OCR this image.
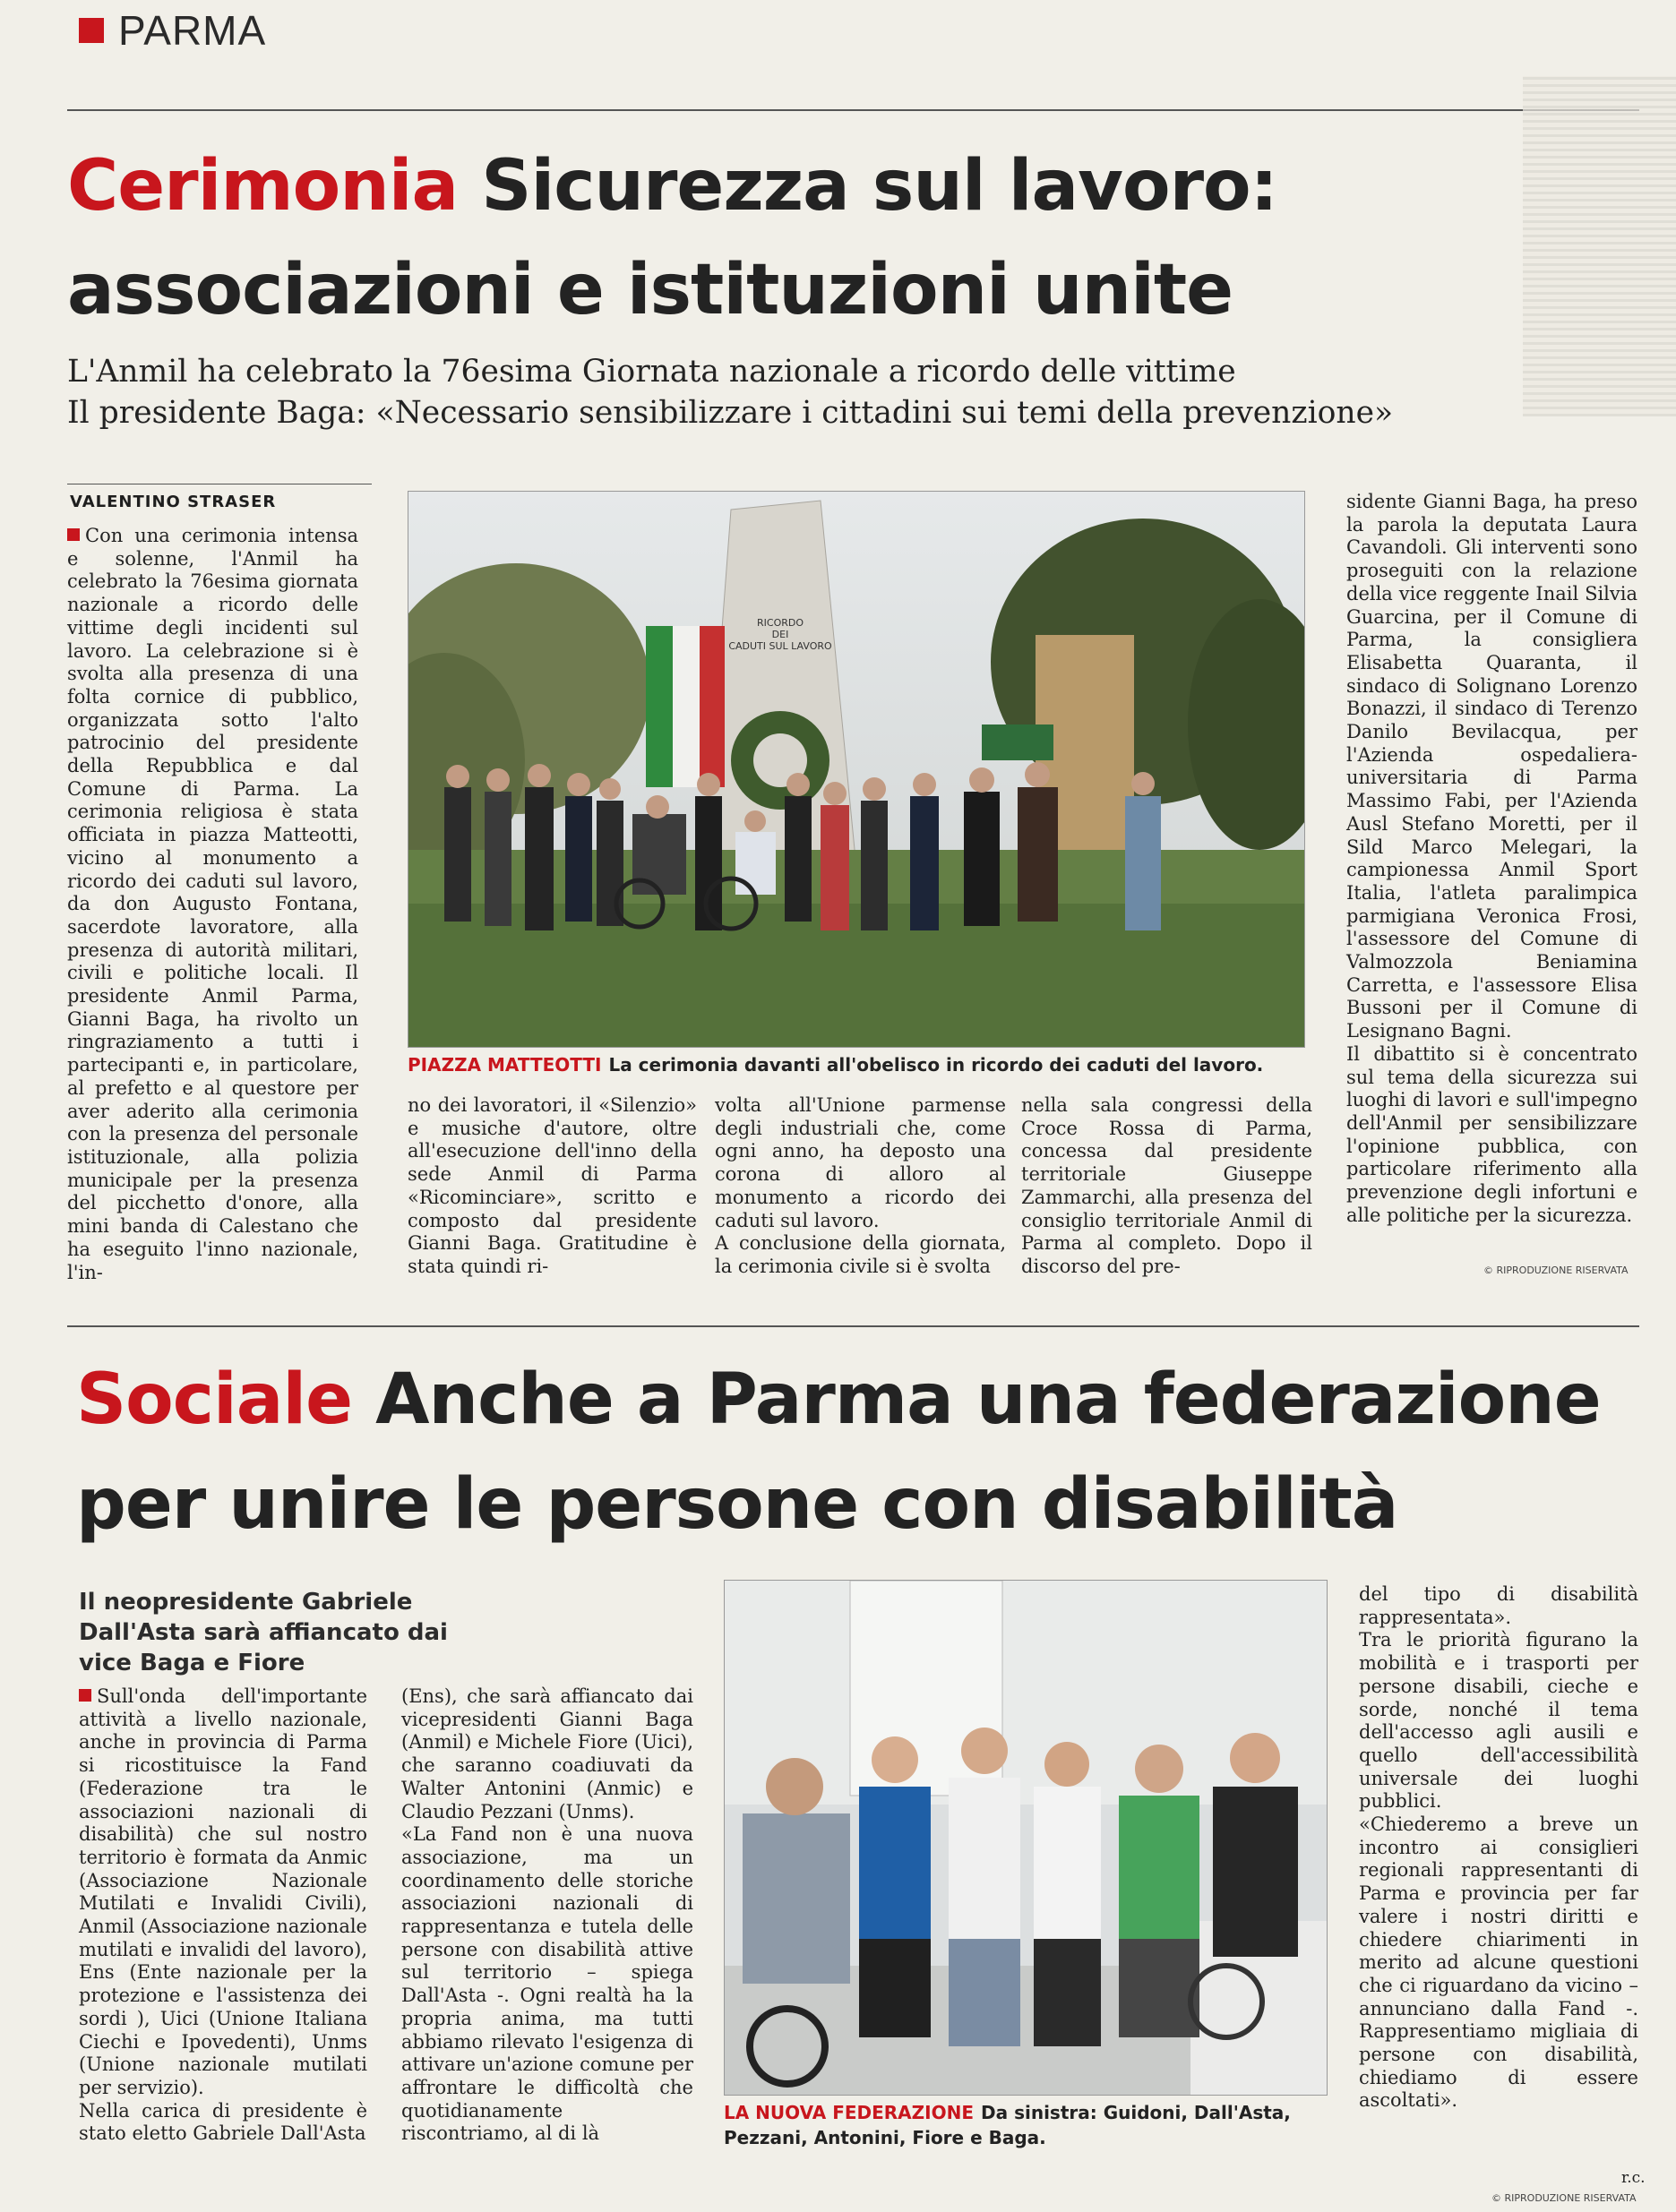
PARMA
Cerimonia Sicurezza sul lavoro:
associazioni e istituzioni unite
L'Anmil ha celebrato la 76esima Giornata nazionale a ricordo delle vittime
Il presidente Baga: «Necessario sensibilizzare i cittadini sui temi della prevenzione»
VALENTINO STRASER
Con una cerimonia intensa e solenne, l'Anmil ha celebrato la 76esima giornata nazionale a ricordo delle vittime degli incidenti sul lavoro. La celebrazione si è svolta alla presenza di una folta cornice di pubblico, organizzata sotto l'alto patrocinio del presidente della Repubblica e dal Comune di Parma. La cerimonia religiosa è stata officiata in piazza Matteotti, vicino al monumento a ricordo dei caduti sul lavoro, da don Augusto Fontana, sacerdote lavoratore, alla presenza di autorità militari, civili e politiche locali. Il presidente Anmil Parma, Gianni Baga, ha rivolto un ringraziamento a tutti i partecipanti e, in particolare, al prefetto e al questore per aver aderito alla cerimonia con la presenza del personale istituzionale, alla polizia municipale per la presenza del picchetto d'onore, alla mini banda di Calestano che ha eseguito l'inno nazionale, l'in-
RICORDO DEI CADUTI SUL LAVORO
PIAZZA MATTEOTTI La cerimonia davanti all'obelisco in ricordo dei caduti del lavoro.
no dei lavoratori, il «Silenzio» e musiche d'autore, oltre all'esecuzione dell'inno della sede Anmil di Parma «Ricominciare», scritto e composto dal presidente Gianni Baga. Gratitudine è stata quindi ri-
volta all'Unione parmense degli industriali che, come ogni anno, ha deposto una corona di alloro al monumento a ricordo dei caduti sul lavoro.
A conclusione della giornata, la cerimonia civile si è svolta
nella sala congressi della Croce Rossa di Parma, concessa dal presidente territoriale Giuseppe Zammarchi, alla presenza del consiglio territoriale Anmil di Parma al completo. Dopo il discorso del pre-
sidente Gianni Baga, ha preso la parola la deputata Laura Cavandoli. Gli interventi sono proseguiti con la relazione della vice reggente Inail Silvia Guarcina, per il Comune di Parma, la consigliera Elisabetta Quaranta, il sindaco di Solignano Lorenzo Bonazzi, il sindaco di Terenzo Danilo Bevilacqua, per l'Azienda ospedaliera-universitaria di Parma Massimo Fabi, per l'Azienda Ausl Stefano Moretti, per il Sild Marco Melegari, la campionessa Anmil Sport Italia, l'atleta paralimpica parmigiana Veronica Frosi, l'assessore del Comune di Valmozzola Beniamina Carretta, e l'assessore Elisa Bussoni per il Comune di Lesignano Bagni.
Il dibattito si è concentrato sul tema della sicurezza sui luoghi di lavori e sull'impegno dell'Anmil per sensibilizzare l'opinione pubblica, con particolare riferimento alla prevenzione degli infortuni e alle politiche per la sicurezza.
© RIPRODUZIONE RISERVATA
Sociale Anche a Parma una federazione
per unire le persone con disabilità
Il neopresidente Gabriele Dall'Asta sarà affiancato dai vice Baga e Fiore
Sull'onda dell'importante attività a livello nazionale, anche in provincia di Parma si ricostituisce la Fand (Federazione tra le associazioni nazionali di disabilità) che sul nostro territorio è formata da Anmic (Associazione Nazionale Mutilati e Invalidi Civili), Anmil (Associazione nazionale mutilati e invalidi del lavoro), Ens (Ente nazionale per la protezione e l'assistenza dei sordi ), Uici (Unione Italiana Ciechi e Ipovedenti), Unms (Unione nazionale mutilati per servizio).
Nella carica di presidente è stato eletto Gabriele Dall'Asta
(Ens), che sarà affiancato dai vicepresidenti Gianni Baga (Anmil) e Michele Fiore (Uici), che saranno coadiuvati da Walter Antonini (Anmic) e Claudio Pezzani (Unms).
«La Fand non è una nuova associazione, ma un coordinamento delle storiche associazioni nazionali di rappresentanza e tutela delle persone con disabilità attive sul territorio – spiega Dall'Asta -. Ogni realtà ha la propria anima, ma tutti abbiamo rilevato l'esigenza di attivare un'azione comune per affrontare le difficoltà che quotidianamente riscontriamo, al di là
LA NUOVA FEDERAZIONE Da sinistra: Guidoni, Dall'Asta, Pezzani, Antonini, Fiore e Baga.
del tipo di disabilità rappresentata».
Tra le priorità figurano la mobilità e i trasporti per persone disabili, cieche e sorde, nonché il tema dell'accesso agli ausili e quello dell'accessibilità universale dei luoghi pubblici.
«Chiederemo a breve un incontro ai consiglieri regionali rappresentanti di Parma e provincia per far valere i nostri diritti e chiedere chiarimenti in merito ad alcune questioni che ci riguardano da vicino – annunciano dalla Fand -. Rappresentiamo migliaia di persone con disabilità, chiediamo di essere ascoltati».
r.c.
© RIPRODUZIONE RISERVATA
